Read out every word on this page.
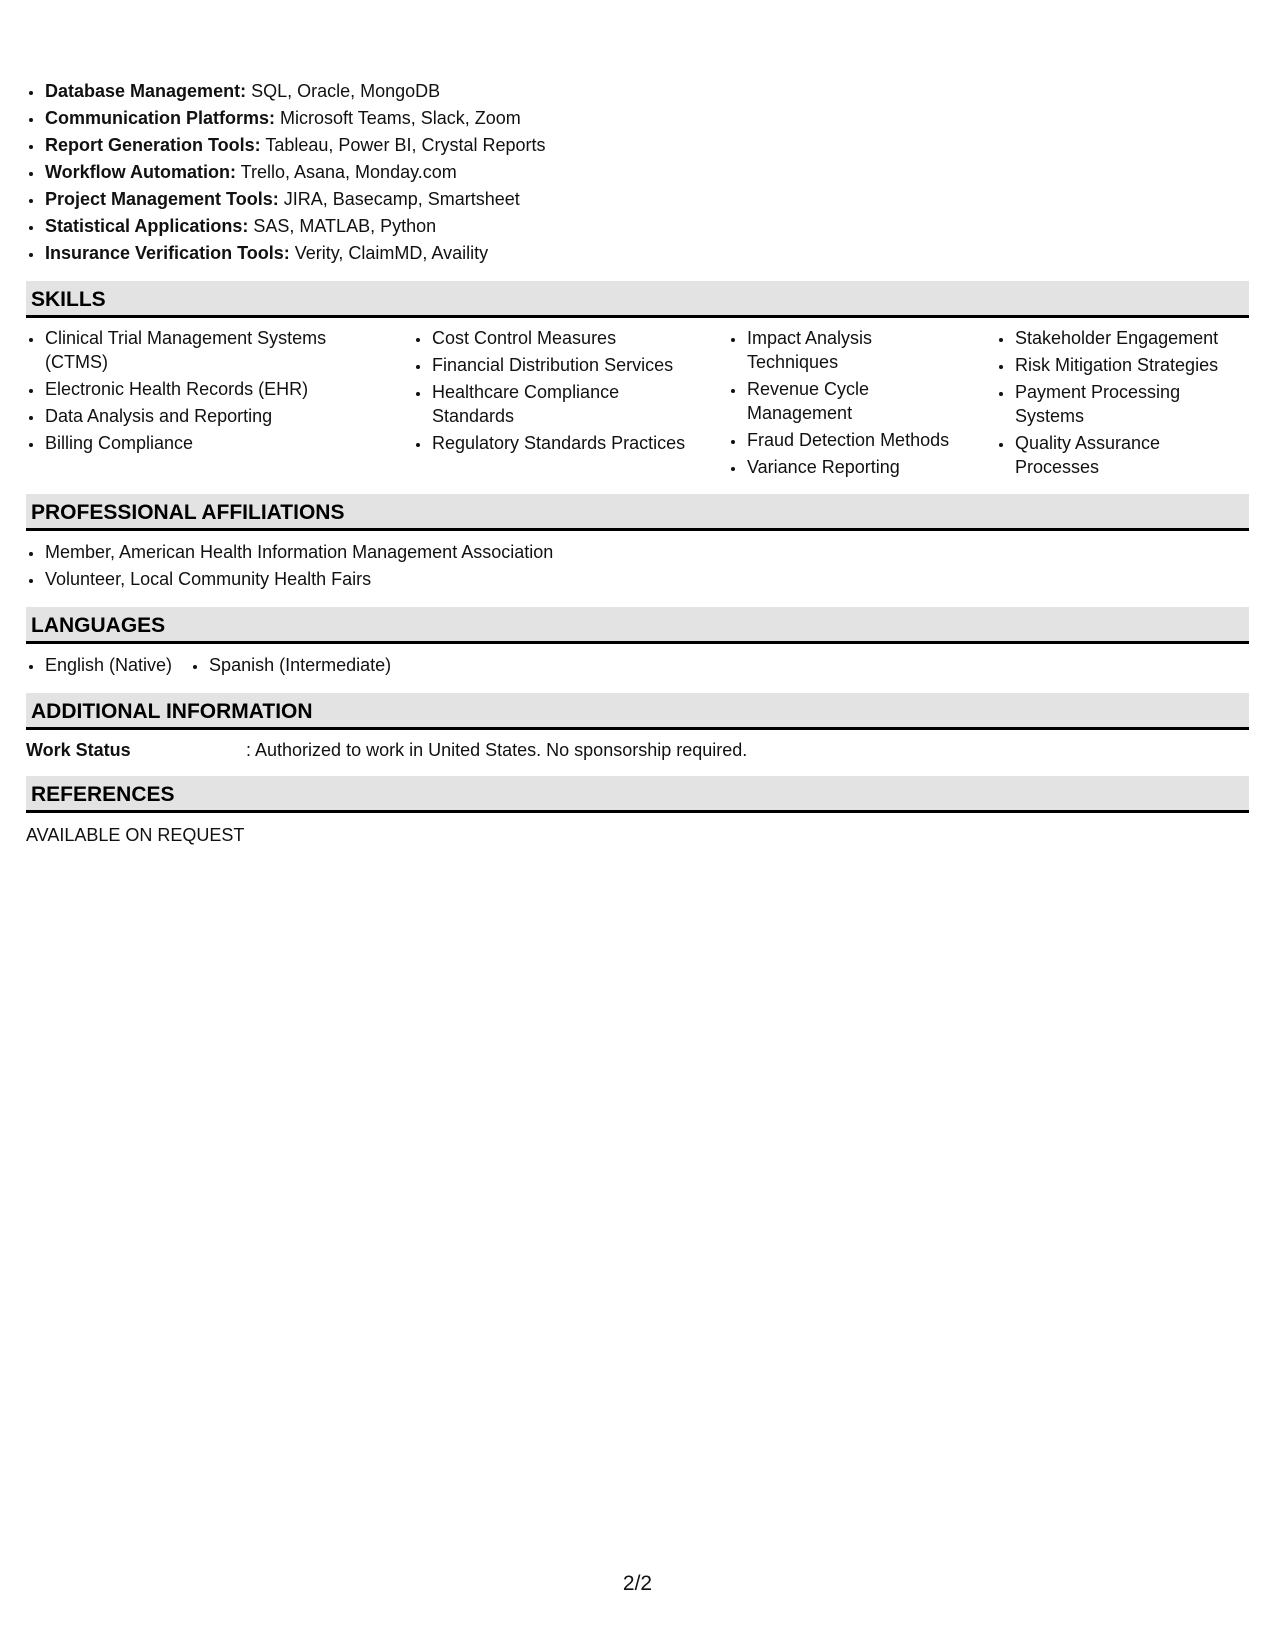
• Database Management: SQL, Oracle, MongoDB
• Communication Platforms: Microsoft Teams, Slack, Zoom
• Report Generation Tools: Tableau, Power BI, Crystal Reports
• Workflow Automation: Trello, Asana, Monday.com
• Project Management Tools: JIRA, Basecamp, Smartsheet
• Statistical Applications: SAS, MATLAB, Python
• Insurance Verification Tools: Verity, ClaimMD, Availity
SKILLS
• Clinical Trial Management Systems (CTMS)
• Electronic Health Records (EHR)
• Data Analysis and Reporting
• Billing Compliance
• Cost Control Measures
• Financial Distribution Services
• Healthcare Compliance Standards
• Regulatory Standards Practices
• Impact Analysis Techniques
• Revenue Cycle Management
• Fraud Detection Methods
• Variance Reporting
• Stakeholder Engagement
• Risk Mitigation Strategies
• Payment Processing Systems
• Quality Assurance Processes
PROFESSIONAL AFFILIATIONS
• Member, American Health Information Management Association
• Volunteer, Local Community Health Fairs
LANGUAGES
• English (Native)
• Spanish (Intermediate)
ADDITIONAL INFORMATION
Work Status	: Authorized to work in United States. No sponsorship required.
REFERENCES
AVAILABLE ON REQUEST
2/2
